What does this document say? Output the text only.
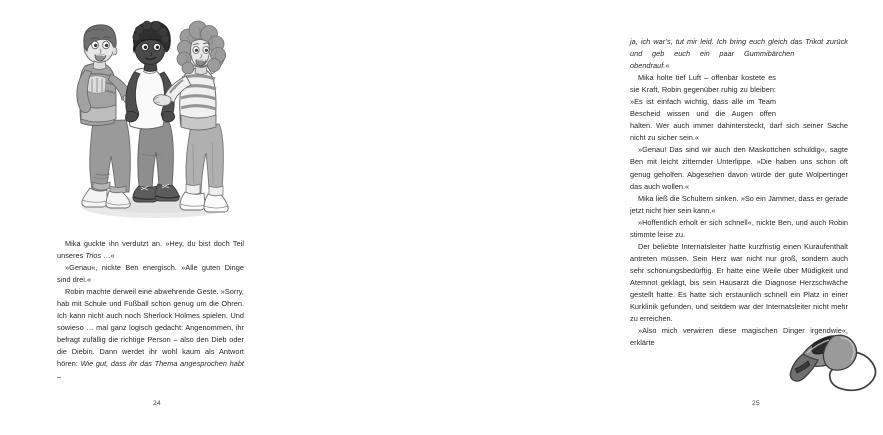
Mika guckte ihn verdutzt an. »Hey, du bist doch Teil unseres Trios …«

»Genau«, nickte Ben energisch. »Alle guten Dinge sind drei.«

Robin machte derweil eine abwehrende Geste. »Sorry, hab mit Schule und Fußball schon genug um die Ohren. Ich kann nicht auch noch Sherlock Holmes spielen. Und sowieso … mal ganz logisch gedacht: Angenommen, ihr befragt zufällig die richtige Person – also den Dieb oder die Diebin. Dann werdet ihr wohl kaum als Antwort hören: Wie gut, dass ihr das Thema angesprochen habt –

24

ja, ich war’s, tut mir leid. Ich bring euch gleich das Trikot zurück und geb euch ein paar Gummibärchen obendrauf.«

Mika holte tief Luft – offenbar kostete es sie Kraft, Robin gegenüber ruhig zu bleiben: »Es ist einfach wichtig, dass alle im Team Bescheid wissen und die Augen offen halten. Wer auch immer dahintersteckt, darf sich seiner Sache nicht zu sicher sein.«

»Genau! Das sind wir auch den Maskottchen schuldig«, sagte Ben mit leicht zitternder Unterlippe. »Die haben uns schon oft genug geholfen. Abgesehen davon würde der gute Wolpertinger das auch wollen.«

Mika ließ die Schultern sinken. »So ein Jammer, dass er gerade jetzt nicht hier sein kann.«

»Hoffentlich erholt er sich schnell«, nickte Ben, und auch Robin stimmte leise zu.

Der beliebte Internatsleiter hatte kurzfristig einen Kuraufenthalt antreten müssen. Sein Herz war nicht nur groß, sondern auch sehr schonungsbedürftig. Er hatte eine Weile über Müdigkeit und Atemnot geklagt, bis sein Hausarzt die Diagnose Herzschwäche gestellt hatte. Es hatte sich erstaunlich schnell ein Platz in einer Kurklinik gefunden, und seitdem war der Internatsleiter nicht mehr zu erreichen.

»Also mich verwirren diese magischen Dinger irgendwie«, erklärte

25
